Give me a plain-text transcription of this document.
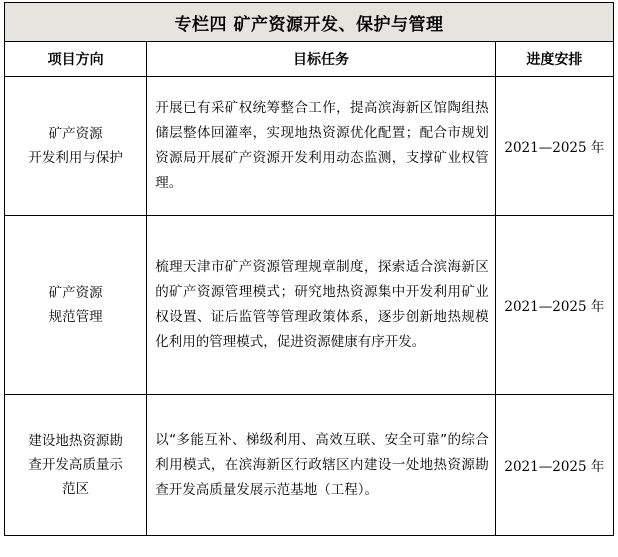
专栏四 矿产资源开发、保护与管理		
项目方向	目标任务	进度安排

矿产资源
开发利用与保护	开展已有采矿权统筹整合工作，提高滨海新区馆陶组热储层整体回灌率，实现地热资源优化配置；配合市规划资源局开展矿产资源开发利用动态监测，支撑矿业权管理。	2021—2025 年

矿产资源
规范管理	梳理天津市矿产资源管理规章制度，探索适合滨海新区的矿产资源管理模式；研究地热资源集中开发利用矿业权设置、证后监管等管理政策体系，逐步创新地热规模化利用的管理模式，促进资源健康有序开发。	2021—2025 年

建设地热资源勘
查开发高质量示
范区	以“多能互补、梯级利用、高效互联、安全可靠”的综合利用模式，在滨海新区行政辖区内建设一处地热资源勘查开发高质量发展示范基地（工程）。	2021—2025 年
